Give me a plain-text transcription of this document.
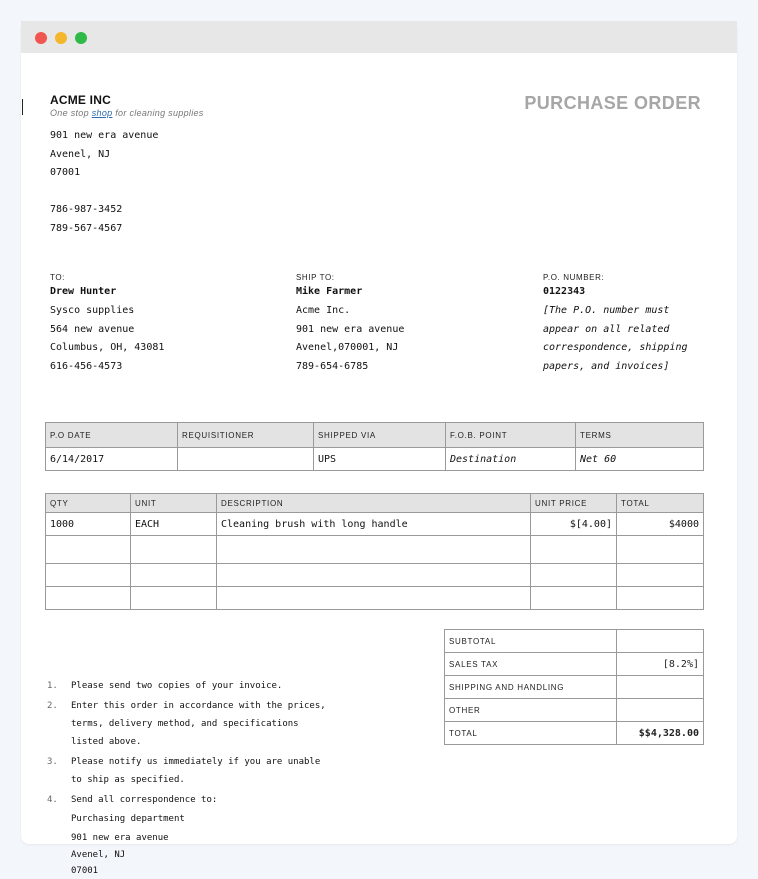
ACME INC
One stop shop for cleaning supplies	PURCHASE ORDER
901 new era avenue
Avenel, NJ
07001
786-987-3452
789-567-4567
TO:
Drew Hunter
Sysco supplies
564 new avenue
Columbus, OH, 43081
616-456-4573
SHIP TO:
Mike Farmer
Acme Inc.
901 new era avenue
Avenel,070001, NJ
789-654-6785
P.O. NUMBER:
0122343
[The P.O. number must
appear on all related
correspondence, shipping
papers, and invoices]
P.O DATE	REQUISITIONER	SHIPPED VIA	F.O.B. POINT	TERMS
6/14/2017		UPS	Destination	Net 60
QTY	UNIT	DESCRIPTION	UNIT PRICE	TOTAL
1000	EACH	Cleaning brush with long handle	$[4.00]	$4000

SUBTOTAL	
SALES TAX	[8.2%]
SHIPPING AND HANDLING	
OTHER	
TOTAL	$$4,328.00
1. Please send two copies of your invoice.
2. Enter this order in accordance with the prices, terms, delivery method, and specifications listed above.
3. Please notify us immediately if you are unable to ship as specified.
4. Send all correspondence to:
Purchasing department
901 new era avenue
Avenel, NJ
07001
